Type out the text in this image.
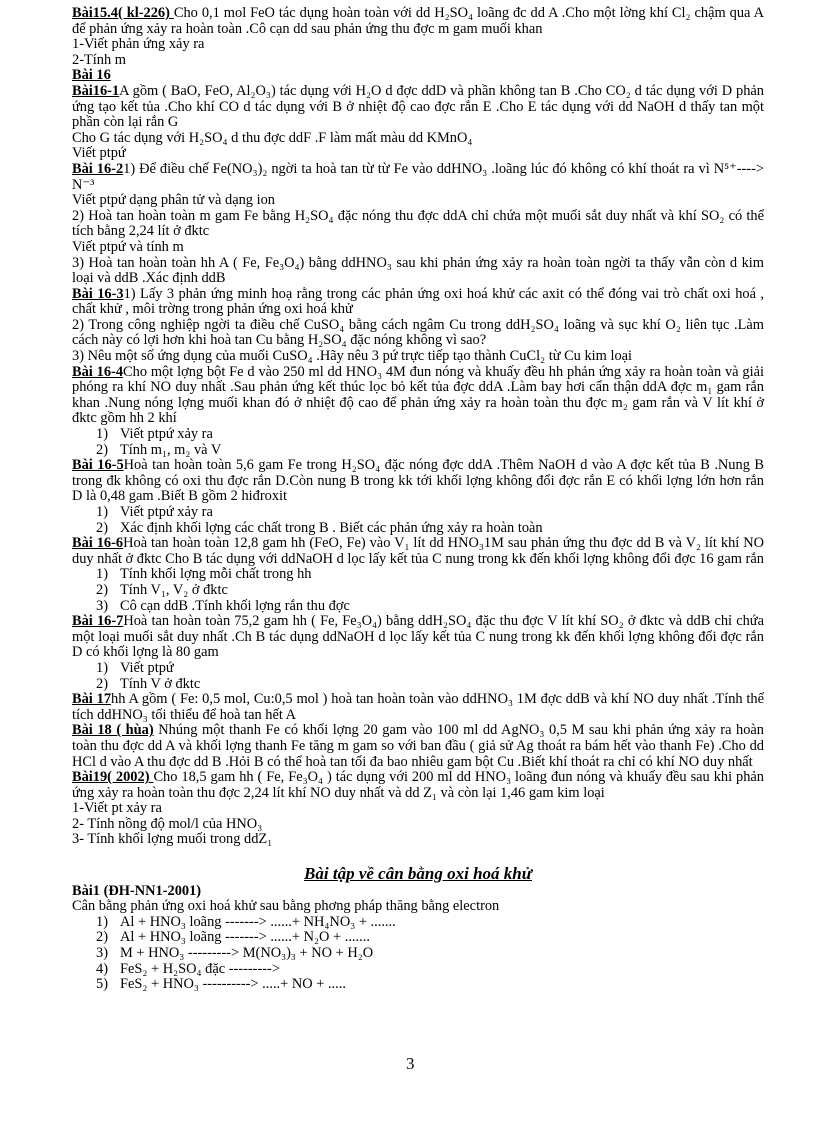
Bài15.4( kl-226) Cho 0,1 mol FeO tác dụng hoàn toàn với dd H₂SO₄ loãng đc dd A .Cho một lờng khí Cl₂ chậm qua A để phản ứng xảy ra hoàn toàn .Cô cạn dd sau phản ứng thu đợc m gam muối khan

1-Viết phản ứng xảy ra

2-Tính m

Bài 16

Bài16-1A gồm ( BaO, FeO, Al₂O₃) tác dụng với H₂O d đợc ddD và phần không tan B .Cho CO₂ d tác dụng với D phản ứng tạo kết tủa .Cho khí CO d tác dụng với B ở nhiệt độ cao đợc rắn E .Cho E tác dụng với dd NaOH d thấy tan một phần còn lại rắn G

Cho G tác dụng với H₂SO₄ d thu đợc ddF .F làm mất màu dd KMnO₄

Viết ptpứ

Bài 16-21) Để điều chế Fe(NO₃)₂ ngời ta hoà tan từ từ Fe vào ddHNO₃ .loãng lúc đó không có khí thoát ra vì N⁵⁺----> N⁻³

Viết ptpứ dạng phân tử và dạng ion

2) Hoà tan hoàn toàn m gam Fe bằng H₂SO₄ đặc nóng thu đợc ddA chỉ chứa một muối sắt duy nhất và khí SO₂ có thể tích bằng 2,24 lít ở đktc

Viết ptpứ và tính m

3) Hoà tan hoàn toàn hh A ( Fe, Fe₃O₄) bằng ddHNO₃ sau khi phản ứng xảy ra hoàn toàn ngời ta thấy vẫn còn d kim loại và ddB .Xác định ddB

Bài 16-31) Lấy 3 phản ứng minh hoạ rằng trong các phản ứng oxi hoá khử các axit có thể đóng vai trò chất oxi hoá , chất khử , môi trờng trong phản ứng oxi hoá khử

2) Trong công nghiệp ngời ta điều chế CuSO₄ bằng cách ngâm Cu trong ddH₂SO₄ loãng và sục khí O₂ liên tục .Làm cách này có lợi hơn khi hoà tan Cu bằng H₂SO₄ đặc nóng không vì sao?

3) Nêu một số ứng dụng của muối CuSO₄ .Hãy nêu 3 pứ trực tiếp tạo thành CuCl₂ từ Cu kim loại

Bài 16-4Cho một lợng bột Fe d vào 250 ml dd HNO₃ 4M đun nóng và khuấy đều hh phản ứng xảy ra hoàn toàn và giải phóng ra khí NO duy nhất .Sau phản ứng kết thúc lọc bỏ kết tủa đợc ddA .Làm bay hơi cẩn thận ddA đợc m₁ gam rắn khan .Nung nóng lợng muối khan đó ở nhiệt độ cao để phản ứng xảy ra hoàn toàn thu đợc m₂ gam rắn và V lít khí ở đktc gồm hh 2 khí

1) Viết ptpứ xảy ra
2) Tính m₁, m₂ và V

Bài 16-5Hoà tan hoàn toàn 5,6 gam Fe trong H₂SO₄ đặc nóng đợc ddA .Thêm NaOH d vào A đợc kết tủa B .Nung B trong đk không có oxi thu đợc rắn D.Còn nung B trong kk tới khối lợng không đổi đợc rắn E có khối lợng lớn hơn rắn D là 0,48 gam .Biết B gồm 2 hiđroxit

1) Viết ptpứ xảy ra
2) Xác định khối lợng các chất trong B . Biết các phản ứng xảy ra hoàn toàn

Bài 16-6Hoà tan hoàn toàn 12,8 gam hh (FeO, Fe) vào V₁ lít dd HNO₃1M sau phản ứng thu đợc dd B và V₂ lít khí NO duy nhất ở đktc Cho B tác dụng với ddNaOH d lọc lấy kết tủa C nung trong kk đến khối lợng không đổi đợc 16 gam rắn

1) Tính khối lợng mỗi chất trong hh
2) Tính V₁, V₂ ở đktc
3) Cô cạn ddB .Tính khối lợng rắn thu đợc

Bài 16-7Hoà tan hoàn toàn 75,2 gam hh ( Fe, Fe₃O₄) bằng ddH₂SO₄ đặc thu đợc V lít khí SO₂ ở đktc và ddB chỉ chứa một loại muối sắt duy nhất .Ch B tác dụng ddNaOH d lọc lấy kết tủa C nung trong kk đến khối lợng không đổi đợc rắn D có khối lợng là 80 gam

1) Viết ptpứ
2) Tính V ở đktc

Bài 17hh A gồm ( Fe: 0,5 mol, Cu:0,5 mol ) hoà tan hoàn toàn vào ddHNO₃ 1M đợc ddB và khí NO duy nhất .Tính thể tích ddHNO₃ tối thiểu để hoà tan hết A

Bài 18 ( hùa) Nhúng một thanh Fe có khối lợng 20 gam vào 100 ml dd AgNO₃ 0,5 M sau khi phản ứng xảy ra hoàn toàn thu đợc dd A và khối lợng thanh Fe tăng m gam so với ban đầu ( giả sử Ag thoát ra bám hết vào thanh Fe) .Cho dd HCl d vào A thu đợc dd B .Hỏi B có thể hoà tan tối đa bao nhiêu gam bột Cu .Biết khí thoát ra chỉ có khí NO duy nhất

Bài19( 2002) Cho 18,5 gam hh ( Fe, Fe₃O₄ ) tác dụng với 200 ml dd HNO₃ loãng đun nóng và khuấy đều sau khi phản ứng xảy ra hoàn toàn thu đợc 2,24 lít khí NO duy nhất và dd Z₁ và còn lại 1,46 gam kim loại

1-Viết pt xảy ra

2- Tính nồng độ mol/l của HNO₃

3- Tính khối lợng muối trong ddZ₁

Bài tập về cân bằng oxi hoá khử

Bài1 (ĐH-NN1-2001)

Cân bằng phản ứng oxi hoá khử sau bằng phơng pháp thăng bằng electron

1) Al + HNO₃ loãng -------> ......+ NH₄NO₃ + .......
2) Al + HNO₃ loãng -------> ......+ N₂O + .......
3) M + HNO₃ ---------> M(NO₃)₃ + NO + H₂O
4) FeS₂ + H₂SO₄ đặc --------->
5) FeS₂ + HNO₃ ----------> .....+ NO + .....
3
